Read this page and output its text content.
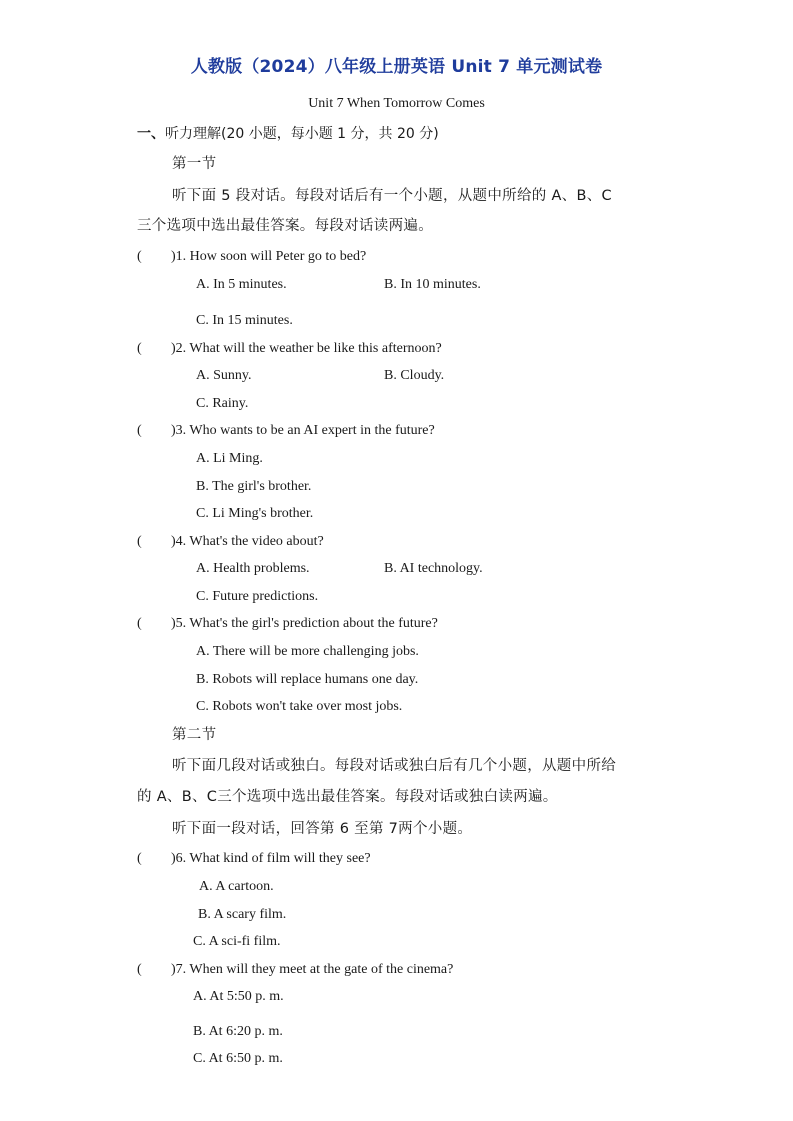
人教版（2024）八年级上册英语 Unit 7 单元测试卷
Unit 7 When Tomorrow Comes
一、听力理解(20 小题，每小题 1 分，共 20 分)
第一节
听下面 5 段对话。每段对话后有一个小题，从题中所给的 A、B、C
三个选项中选出最佳答案。每段对话读两遍。
( )1. How soon will Peter go to bed?
A. In 5 minutes.	B. In 10 minutes.
C. In 15 minutes.
( )2. What will the weather be like this afternoon?
A. Sunny.	B. Cloudy.
C. Rainy.
( )3. Who wants to be an AI expert in the future?
A. Li Ming.
B. The girl's brother.
C. Li Ming's brother.
( )4. What's the video about?
A. Health problems.	B. AI technology.
C. Future predictions.
( )5. What's the girl's prediction about the future?
A. There will be more challenging jobs.
B. Robots will replace humans one day.
C. Robots won't take over most jobs.
第二节
听下面几段对话或独白。每段对话或独白后有几个小题，从题中所给
的 A、B、C三个选项中选出最佳答案。每段对话或独白读两遍。
听下面一段对话，回答第 6 至第 7两个小题。
( )6. What kind of film will they see?
A. A cartoon.
B. A scary film.
C. A sci-fi film.
( )7. When will they meet at the gate of the cinema?
A. At 5:50 p. m.
B. At 6:20 p. m.
C. At 6:50 p. m.
